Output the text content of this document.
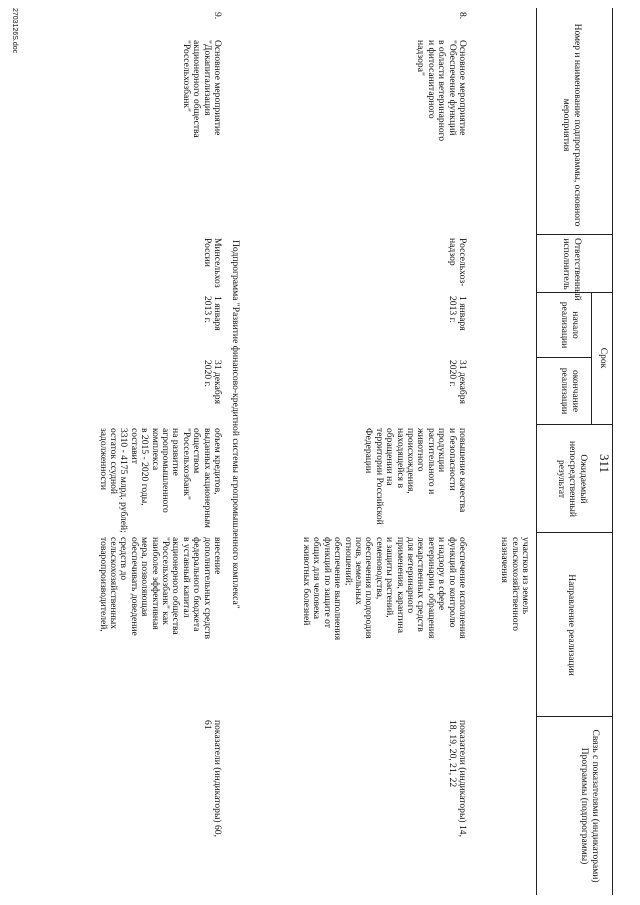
311
Номер и наименование подпрограммы, основного мероприятия
Ответственный исполнитель
Срок
начало реализации
окончание реализации
Ожидаемый непосредственный результат
Направление реализации
Связь с показателями (индикаторами) Программы (подпрограммы)
участков из земель
сельскохозяйственного
назначения
8.
Основное мероприятие
"Обеспечение функций
в области ветеринарного
и фитосанитарного
надзора"
Россельхоз-
надзор
1 января
2013 г.
31 декабря
2020 г.
повышение качества
и безопасности
продукции
растительного и
животного
происхождения,
находящейся в
обращении на
территории Российской
Федерации
обеспечение исполнения
функций по контролю
и надзору в сфере
ветеринарии, обращения
лекарственных средств
для ветеринарного
применения, карантина
и защиты растений,
семеноводства,
обеспечения плодородия
почв, земельных
отношений;
обеспечение выполнения
функций по защите от
общих для человека
и животных болезней
показатели (индикаторы) 14,
18, 19, 20, 21, 22
Подпрограмма "Развитие финансово-кредитной системы агропромышленного комплекса"
9.
Основное мероприятие
"Докапитализация
акционерного общества
"Россельхозбанк"
Минсельхоз
России
1 января
2013 г.
31 декабря
2020 г.
объем кредитов,
выданных акционерным
обществом
"Россельхозбанк"
на развитие
агропромышленного
комплекса
в 2015 - 2020 годы,
составит
3310 - 4175 млрд. рублей;
остаток ссудной
задолженности
внесение
дополнительных средств
федерального бюджета
в уставный капитал
акционерного общества
"Россельхозбанк" как
наиболее эффективная
мера, позволяющая
обеспечивать доведение
средств до
сельскохозяйственных
товаропроизводителей,
показатели (индикаторы) 60,
61
2703126S.doc
